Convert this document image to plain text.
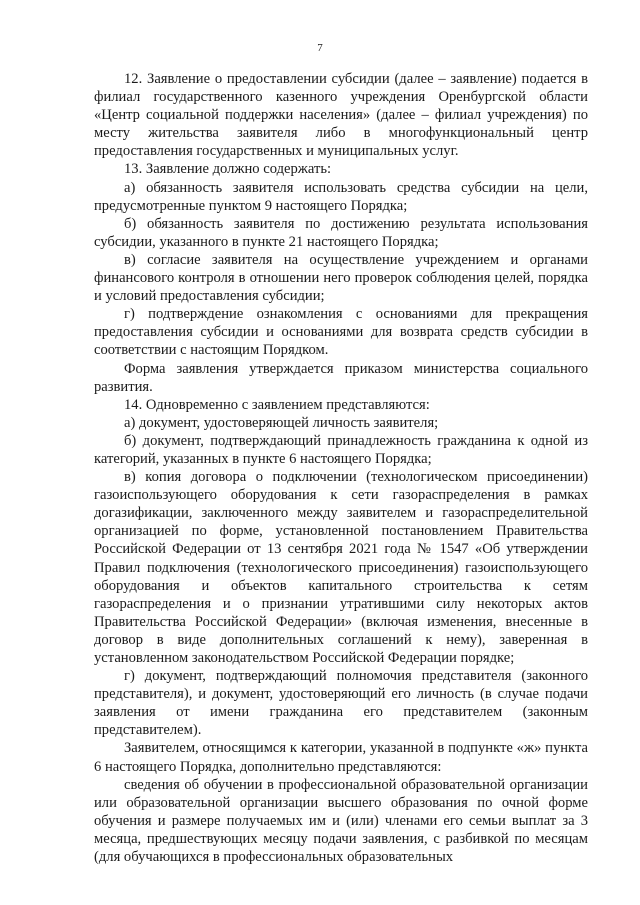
7

12. Заявление о предоставлении субсидии (далее – заявление) подается в филиал государственного казенного учреждения Оренбургской области «Центр социальной поддержки населения» (далее – филиал учреждения) по месту жительства заявителя либо в многофункциональный центр предоставления государственных и муниципальных услуг.

13. Заявление должно содержать:

а) обязанность заявителя использовать средства субсидии на цели, предусмотренные пунктом 9 настоящего Порядка;

б) обязанность заявителя по достижению результата использования субсидии, указанного в пункте 21 настоящего Порядка;

в) согласие заявителя на осуществление учреждением и органами финансового контроля в отношении него проверок соблюдения целей, порядка и условий предоставления субсидии;

г) подтверждение ознакомления с основаниями для прекращения предоставления субсидии и основаниями для возврата средств субсидии в соответствии с настоящим Порядком.

Форма заявления утверждается приказом министерства социального развития.

14. Одновременно с заявлением представляются:

а) документ, удостоверяющей личность заявителя;

б) документ, подтверждающий принадлежность гражданина к одной из категорий, указанных в пункте 6 настоящего Порядка;

в) копия договора о подключении (технологическом присоединении) газоиспользующего оборудования к сети газораспределения в рамках догазификации, заключенного между заявителем и газораспределительной организацией по форме, установленной постановлением Правительства Российской Федерации от 13 сентября 2021 года № 1547 «Об утверждении Правил подключения (технологического присоединения) газоиспользующего оборудования и объектов капитального строительства к сетям газораспределения и о признании утратившими силу некоторых актов Правительства Российской Федерации» (включая изменения, внесенные в договор в виде дополнительных соглашений к нему), заверенная в установленном законодательством Российской Федерации порядке;

г) документ, подтверждающий полномочия представителя (законного представителя), и документ, удостоверяющий его личность (в случае подачи заявления от имени гражданина его представителем (законным представителем).

Заявителем, относящимся к категории, указанной в подпункте «ж» пункта 6 настоящего Порядка, дополнительно представляются:

сведения об обучении в профессиональной образовательной организации или образовательной организации высшего образования по очной форме обучения и размере получаемых им и (или) членами его семьи выплат за 3 месяца, предшествующих месяцу подачи заявления, с разбивкой по месяцам (для обучающихся в профессиональных образовательных
